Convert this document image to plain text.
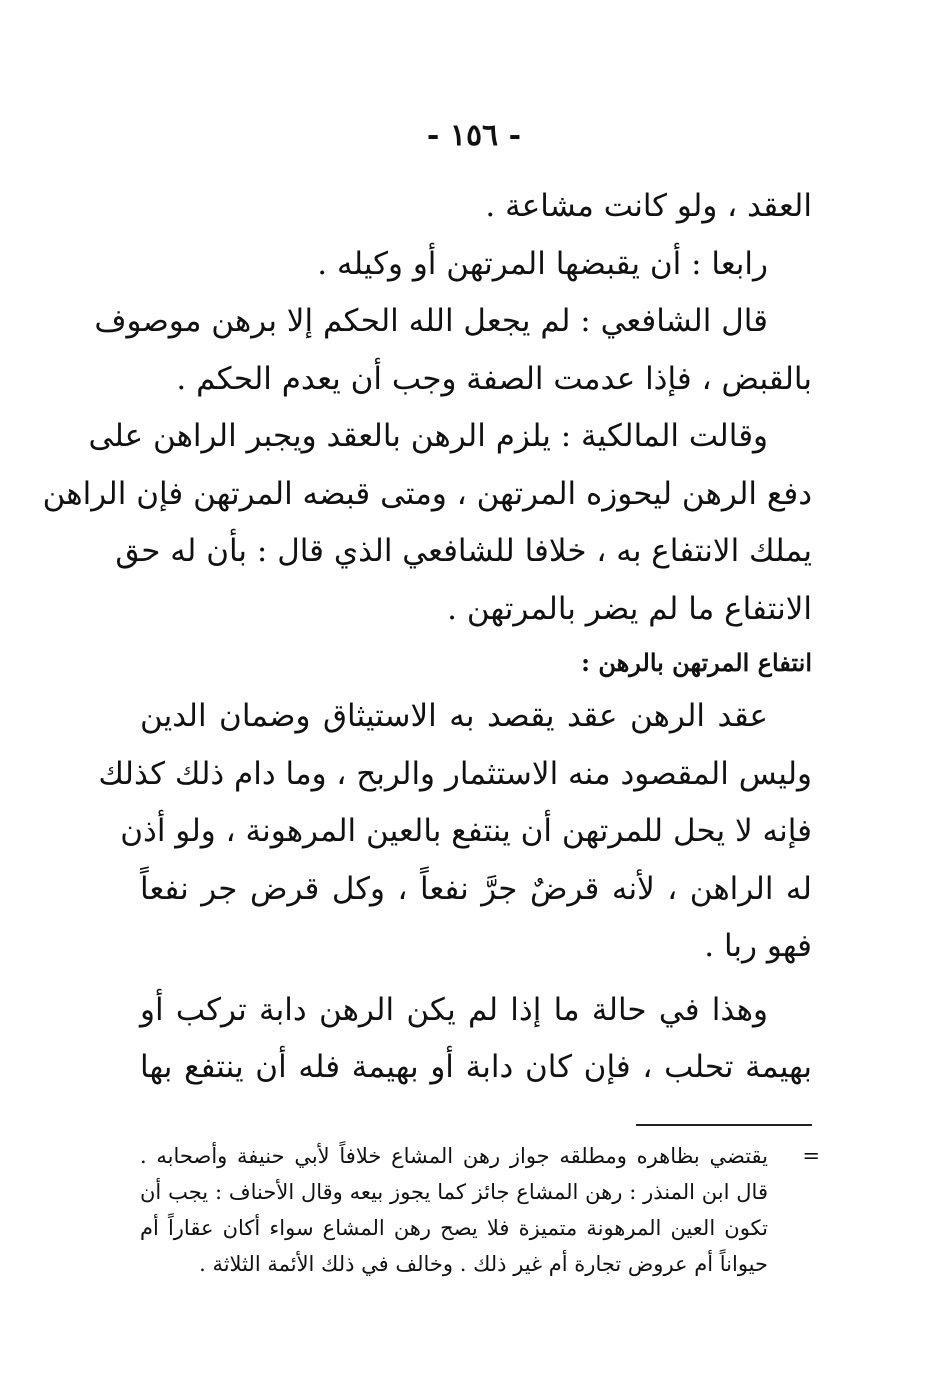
- ١٥٦ -
العقد ، ولو كانت مشاعة .
رابعا : أن يقبضها المرتهن أو وكيله .
قال الشافعي : لم يجعل الله الحكم إلا برهن موصوف
بالقبض ، فإذا عدمت الصفة وجب أن يعدم الحكم .
وقالت المالكية : يلزم الرهن بالعقد ويجبر الراهن على
دفع الرهن ليحوزه المرتهن ، ومتى قبضه المرتهن فإن الراهن
يملك الانتفاع به ، خلافا للشافعي الذي قال : بأن له حق
الانتفاع ما لم يضر بالمرتهن .
انتفاع المرتهن بالرهن :
عقد الرهن عقد يقصد به الاستيثاق وضمان الدين
وليس المقصود منه الاستثمار والربح ، وما دام ذلك كذلك
فإنه لا يحل للمرتهن أن ينتفع بالعين المرهونة ، ولو أذن
له الراهن ، لأنه قرضٌ جرَّ نفعاً ، وكل قرض جر نفعاً
فهو ربا .
وهذا في حالة ما إذا لم يكن الرهن دابة تركب أو
بهيمة تحلب ، فإن كان دابة أو بهيمة فله أن ينتفع بها
=
يقتضي بظاهره ومطلقه جواز رهن المشاع خلافاً لأبي حنيفة وأصحابه .
قال ابن المنذر : رهن المشاع جائز كما يجوز بيعه وقال الأحناف : يجب أن
تكون العين المرهونة متميزة فلا يصح رهن المشاع سواء أكان عقاراً أم
حيواناً أم عروض تجارة أم غير ذلك . وخالف في ذلك الأئمة الثلاثة .
